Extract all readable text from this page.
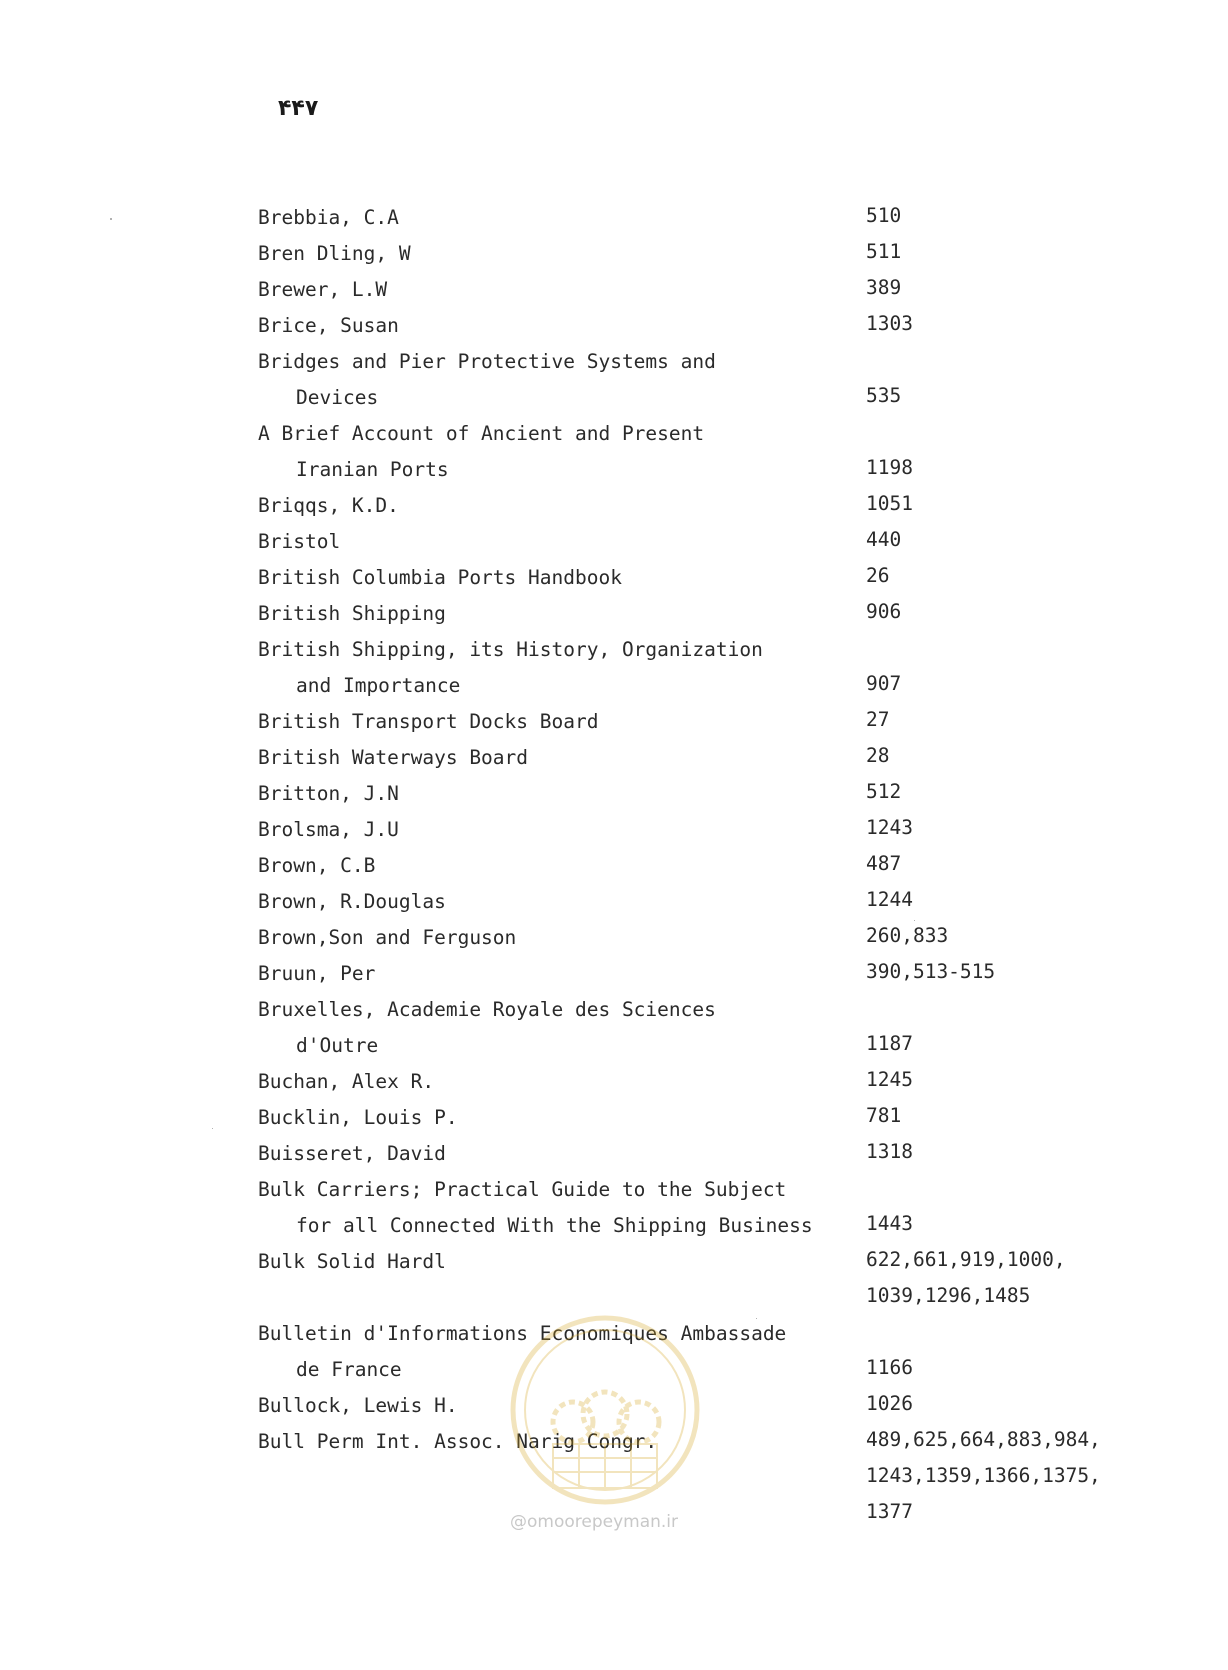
۴۴۷
Brebbia, C.A	510
Bren Dling, W	511
Brewer, L.W	389
Brice, Susan	1303
Bridges and Pier Protective Systems and
Devices	535
A Brief Account of Ancient and Present
Iranian Ports	1198
Briqqs, K.D.	1051
Bristol	440
British Columbia Ports Handbook	26
British Shipping	906
British Shipping, its History, Organization
and Importance	907
British Transport Docks Board	27
British Waterways Board	28
Britton, J.N	512
Brolsma, J.U	1243
Brown, C.B	487
Brown, R.Douglas	1244
Brown,Son and Ferguson	260,833
Bruun, Per	390,513-515
Bruxelles, Academie Royale des Sciences
d'Outre	1187
Buchan, Alex R.	1245
Bucklin, Louis P.	781
Buisseret, David	1318
Bulk Carriers; Practical Guide to the Subject
for all Connected With the Shipping Business	1443
Bulk Solid Hardl	622,661,919,1000,
1039,1296,1485
Bulletin d'Informations Economiques Ambassade
de France	1166
Bullock, Lewis H.	1026
Bull Perm Int. Assoc. Narig Congr.	489,625,664,883,984,
1243,1359,1366,1375,
1377
@omoorepeyman.ir
